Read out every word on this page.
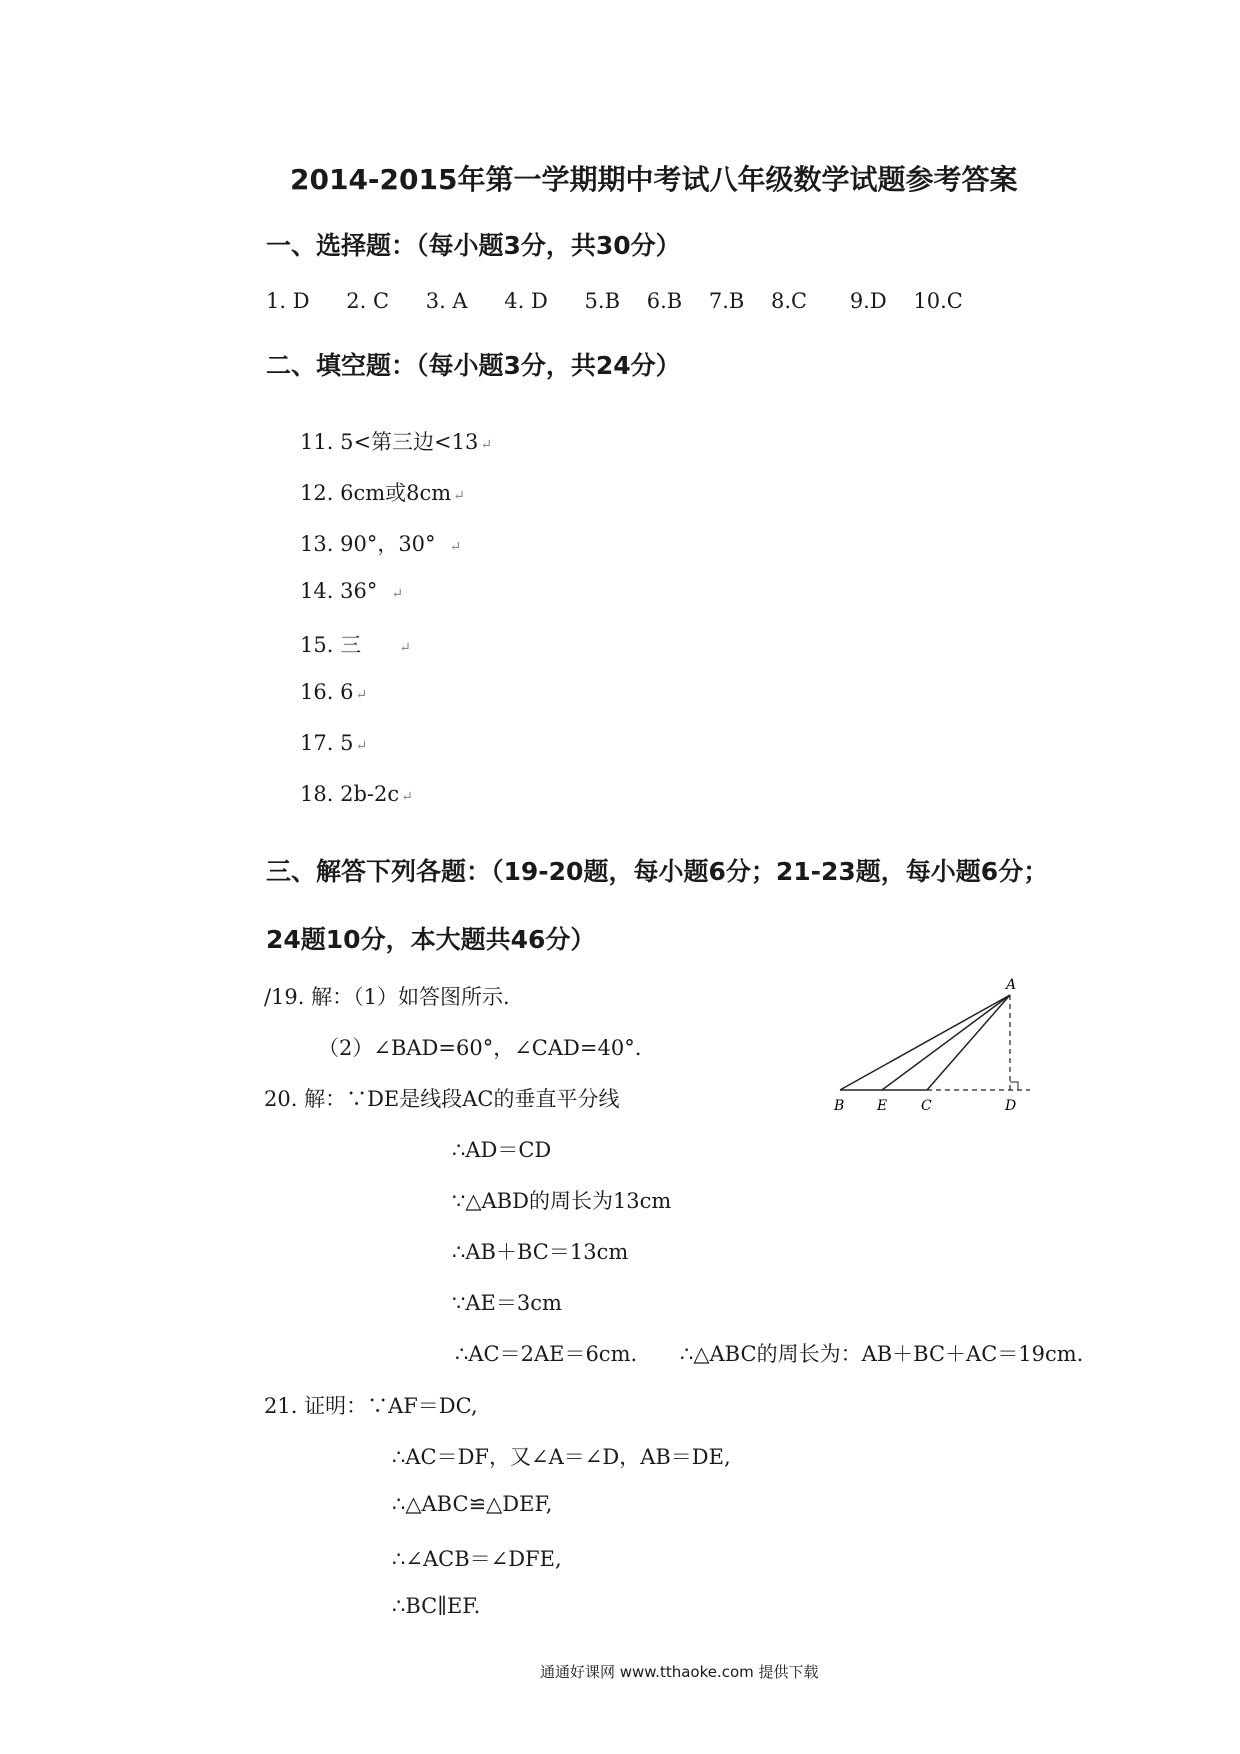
2014-2015年第一学期期中考试八年级数学试题参考答案
一、选择题：（每小题3分，共30分）
1. D 2. C 3. A 4. D 5.B 6.B 7.B 8.C 9.D 10.C
二、填空题：（每小题3分，共24分）
11. 5<第三边<13 ↵
12. 6cm或8cm ↵
13. 90°，30° ↵
14. 36° ↵
15. 三	↵
16. 6 ↵
17. 5 ↵
18. 2b-2c ↵
三、解答下列各题：（19-20题，每小题6分；21-23题，每小题6分；
24题10分，本大题共46分）
/19. 解：（1）如答图所示.
（2）∠BAD=60°，∠CAD=40°.
A
B E C	D
20. 解：∵DE是线段AC的垂直平分线
∴AD＝CD
∵△ABD的周长为13cm
∴AB＋BC＝13cm
∵AE＝3cm
∴AC＝2AE＝6cm. ∴△ABC的周长为：AB＋BC＋AC＝19cm.
21. 证明：∵AF＝DC,
∴AC＝DF，又∠A＝∠D，AB＝DE,
∴△ABC≌△DEF,
∴∠ACB＝∠DFE,
∴BC∥EF.
通通好课网 www.tthaoke.com 提供下载
